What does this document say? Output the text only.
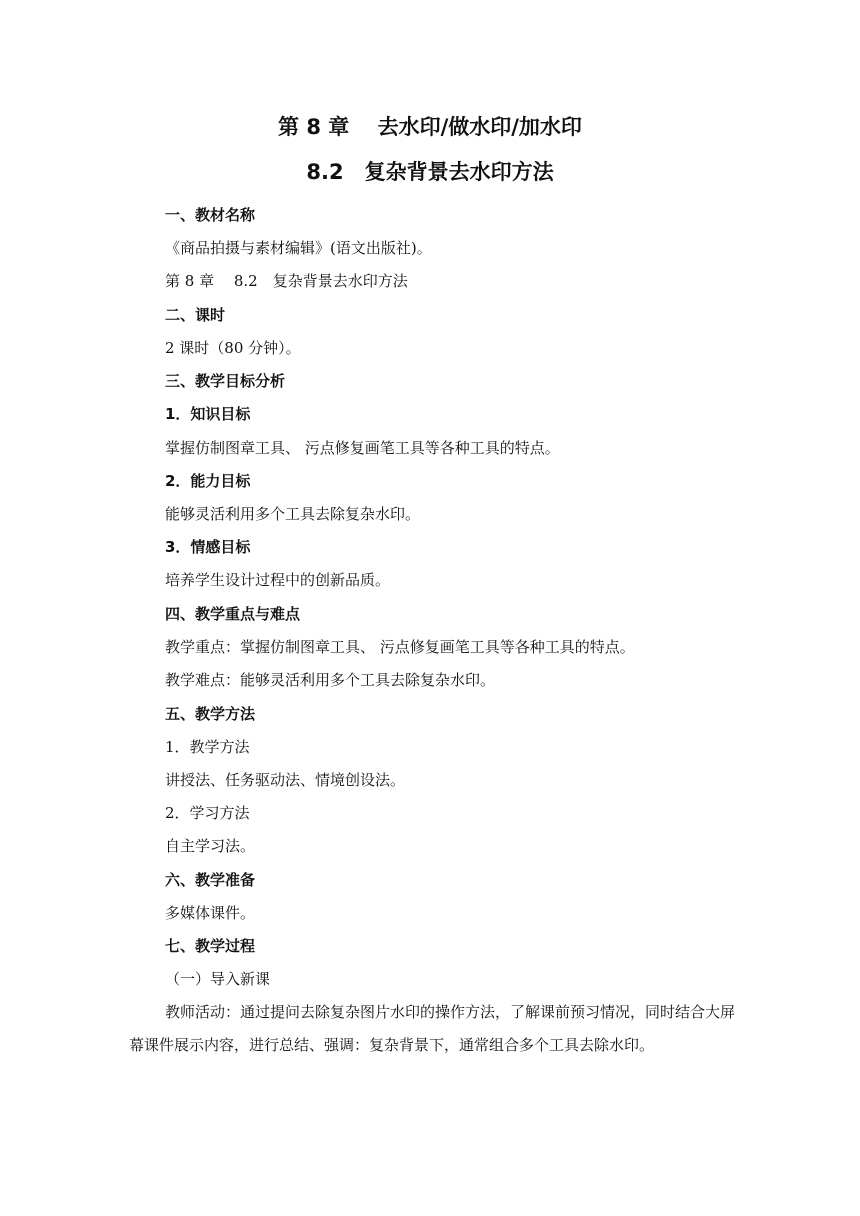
第 8 章　 去水印/做水印/加水印
8.2　复杂背景去水印方法
一、教材名称
《商品拍摄与素材编辑》(语文出版社)。
第 8 章　 8.2　复杂背景去水印方法
二、课时
2 课时（80 分钟）。
三、教学目标分析
1．知识目标
掌握仿制图章工具、 污点修复画笔工具等各种工具的特点。
2．能力目标
能够灵活利用多个工具去除复杂水印。
3．情感目标
培养学生设计过程中的创新品质。
四、教学重点与难点
教学重点：掌握仿制图章工具、 污点修复画笔工具等各种工具的特点。
教学难点：能够灵活利用多个工具去除复杂水印。
五、教学方法
1．教学方法
讲授法、任务驱动法、情境创设法。
2．学习方法
自主学习法。
六、教学准备
多媒体课件。
七、教学过程
（一）导入新课
教师活动：通过提问去除复杂图片水印的操作方法，了解课前预习情况，同时结合大屏幕课件展示内容，进行总结、强调：复杂背景下，通常组合多个工具去除水印。
